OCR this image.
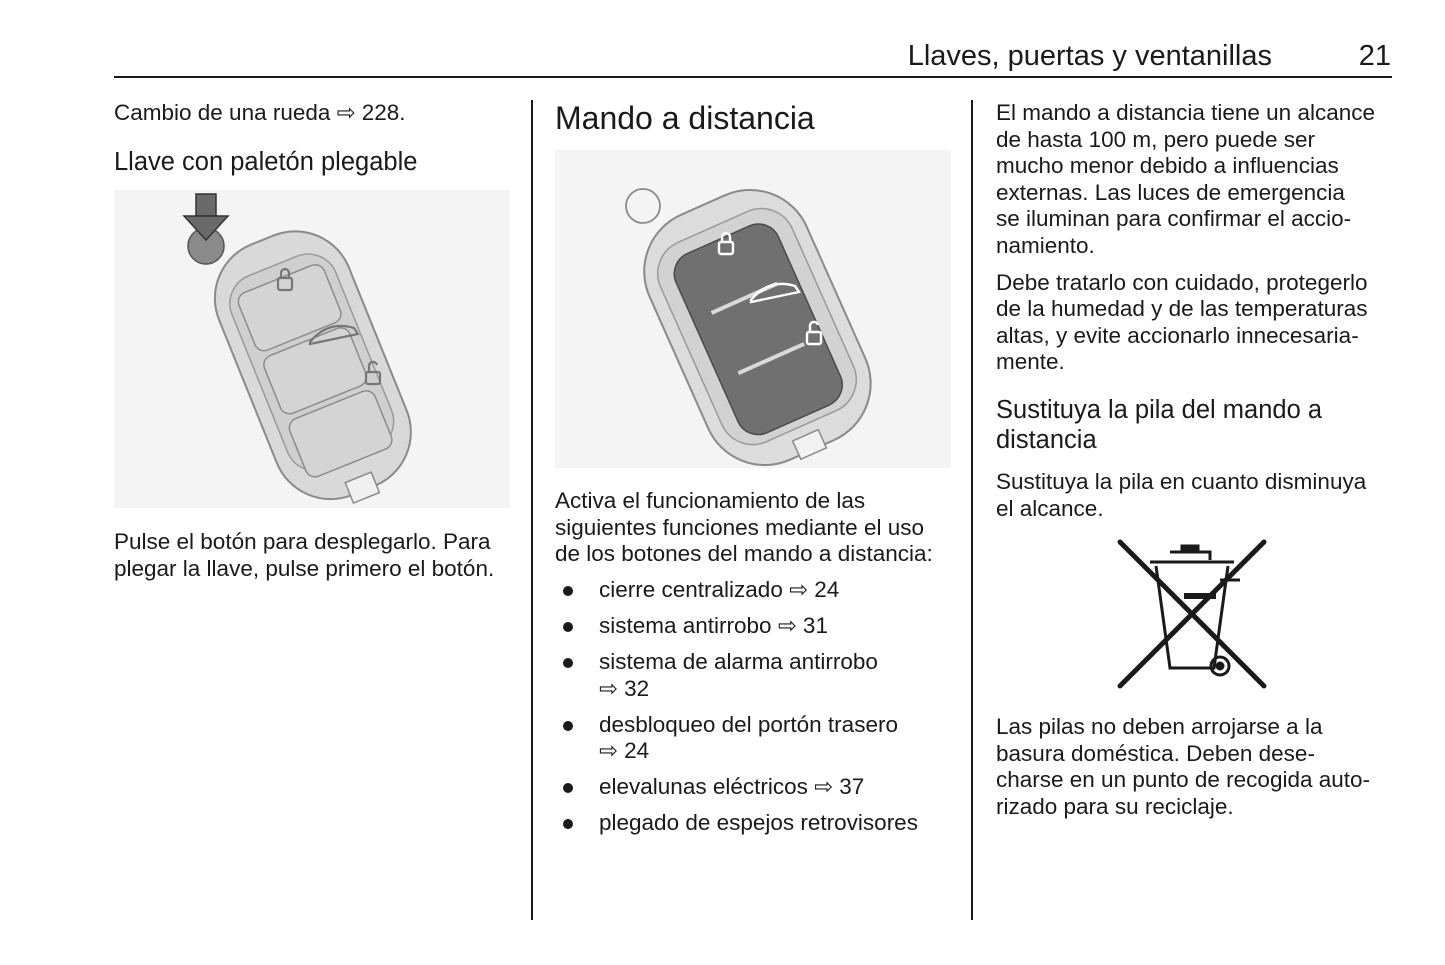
Llaves, puertas y ventanillas	21

Cambio de una rueda ⇨ 228.

Llave con paletón plegable

Pulse el botón para desplegarlo. Para

plegar la llave, pulse primero el botón.

Mando a distancia

Activa el funcionamiento de las

siguientes funciones mediante el uso

de los botones del mando a distancia:

cierre centralizado ⇨ 24
sistema antirrobo ⇨ 31
sistema de alarma antirrobo
⇨ 32
desbloqueo del portón trasero
⇨ 24
elevalunas eléctricos ⇨ 37
plegado de espejos retrovisores

El mando a distancia tiene un alcance

de hasta 100 m, pero puede ser

mucho menor debido a influencias

externas. Las luces de emergencia

se iluminan para confirmar el accio-

namiento.

Debe tratarlo con cuidado, protegerlo

de la humedad y de las temperaturas

altas, y evite accionarlo innecesaria-

mente.

Sustituya la pila del mando a

distancia

Sustituya la pila en cuanto disminuya

el alcance.

Las pilas no deben arrojarse a la

basura doméstica. Deben dese-

charse en un punto de recogida auto-

rizado para su reciclaje.
